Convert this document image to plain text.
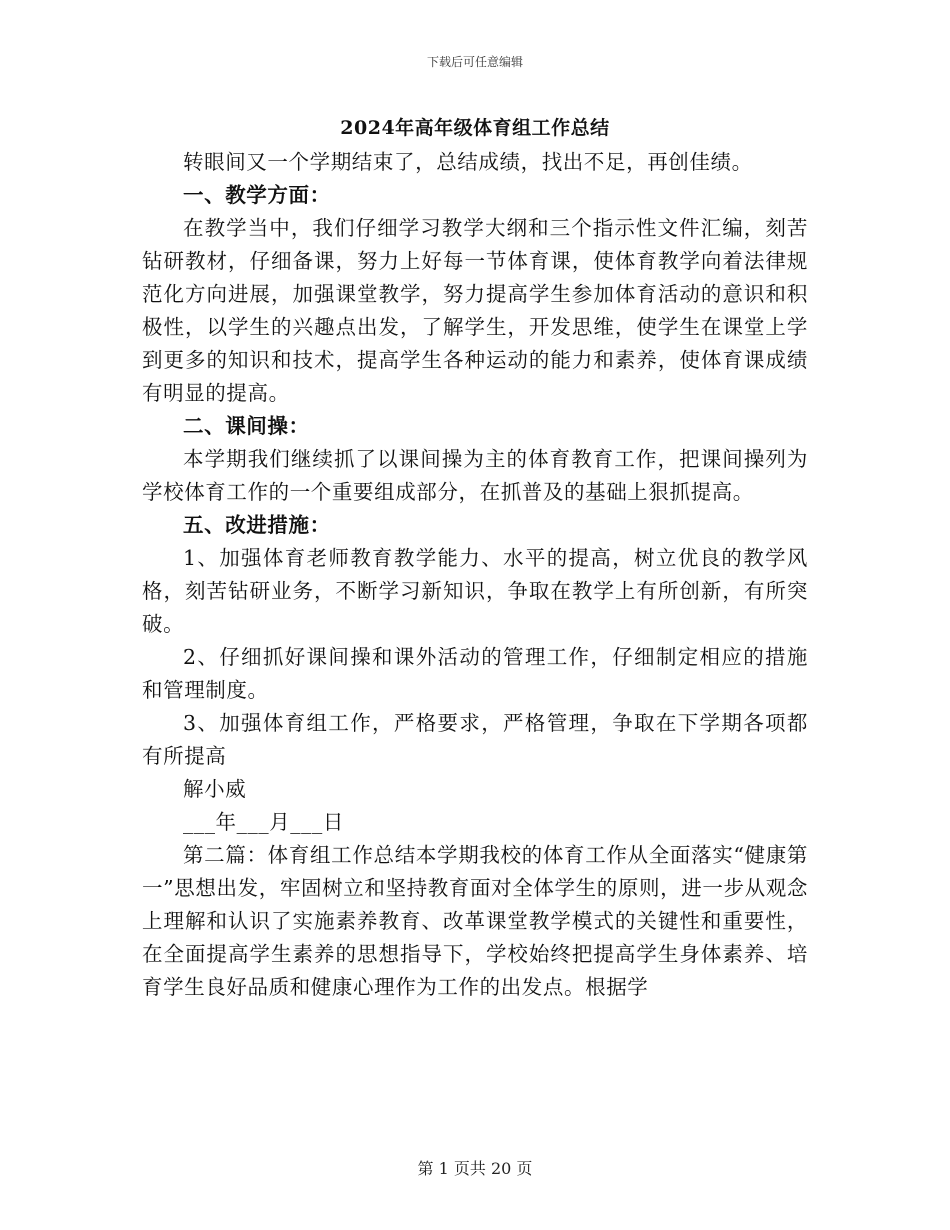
下载后可任意编辑
2024年高年级体育组工作总结

转眼间又一个学期结束了，总结成绩，找出不足，再创佳绩。

一、教学方面：

在教学当中，我们仔细学习教学大纲和三个指示性文件汇编，刻苦钻研教材，仔细备课，努力上好每一节体育课，使体育教学向着法律规范化方向进展，加强课堂教学，努力提高学生参加体育活动的意识和积极性，以学生的兴趣点出发，了解学生，开发思维，使学生在课堂上学到更多的知识和技术，提高学生各种运动的能力和素养，使体育课成绩有明显的提高。

二、课间操：

本学期我们继续抓了以课间操为主的体育教育工作，把课间操列为学校体育工作的一个重要组成部分，在抓普及的基础上狠抓提高。

五、改进措施：

1、加强体育老师教育教学能力、水平的提高，树立优良的教学风格，刻苦钻研业务，不断学习新知识，争取在教学上有所创新，有所突破。

2、仔细抓好课间操和课外活动的管理工作，仔细制定相应的措施和管理制度。

3、加强体育组工作，严格要求，严格管理，争取在下学期各项都有所提高

解小威

___年___月___日

第二篇：体育组工作总结本学期我校的体育工作从全面落实“健康第一”思想出发，牢固树立和坚持教育面对全体学生的原则，进一步从观念上理解和认识了实施素养教育、改革课堂教学模式的关键性和重要性，在全面提高学生素养的思想指导下，学校始终把提高学生身体素养、培育学生良好品质和健康心理作为工作的出发点。根据学

第 1 页共 20 页
